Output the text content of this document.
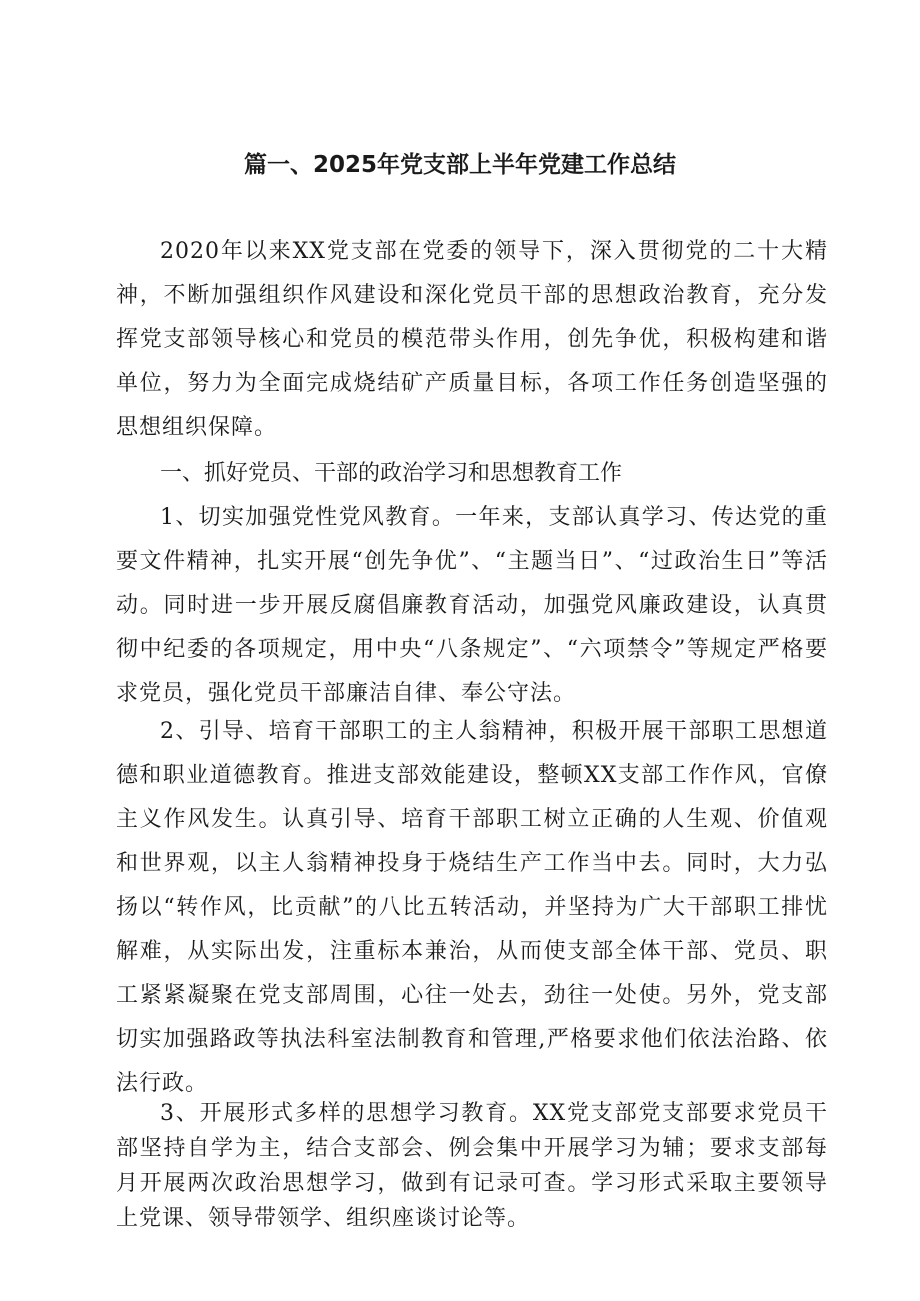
篇一、2025年党支部上半年党建工作总结
2020年以来XX党支部在党委的领导下，深入贯彻党的二十大精神，不断加强组织作风建设和深化党员干部的思想政治教育，充分发挥党支部领导核心和党员的模范带头作用，创先争优，积极构建和谐单位，努力为全面完成烧结矿产质量目标，各项工作任务创造坚强的思想组织保障。
一、抓好党员、干部的政治学习和思想教育工作
1、切实加强党性党风教育。一年来，支部认真学习、传达党的重要文件精神，扎实开展“创先争优”、“主题当日”、“过政治生日”等活动。同时进一步开展反腐倡廉教育活动，加强党风廉政建设，认真贯彻中纪委的各项规定，用中央“八条规定”、“六项禁令”等规定严格要求党员，强化党员干部廉洁自律、奉公守法。
2、引导、培育干部职工的主人翁精神，积极开展干部职工思想道德和职业道德教育。推进支部效能建设，整顿XX支部工作作风，官僚主义作风发生。认真引导、培育干部职工树立正确的人生观、价值观和世界观，以主人翁精神投身于烧结生产工作当中去。同时，大力弘扬以“转作风，比贡献”的八比五转活动，并坚持为广大干部职工排忧解难，从实际出发，注重标本兼治，从而使支部全体干部、党员、职工紧紧凝聚在党支部周围，心往一处去，劲往一处使。另外，党支部切实加强路政等执法科室法制教育和管理,严格要求他们依法治路、依法行政。
3、开展形式多样的思想学习教育。XX党支部党支部要求党员干部坚持自学为主，结合支部会、例会集中开展学习为辅；要求支部每月开展两次政治思想学习，做到有记录可查。学习形式采取主要领导上党课、领导带领学、组织座谈讨论等。
